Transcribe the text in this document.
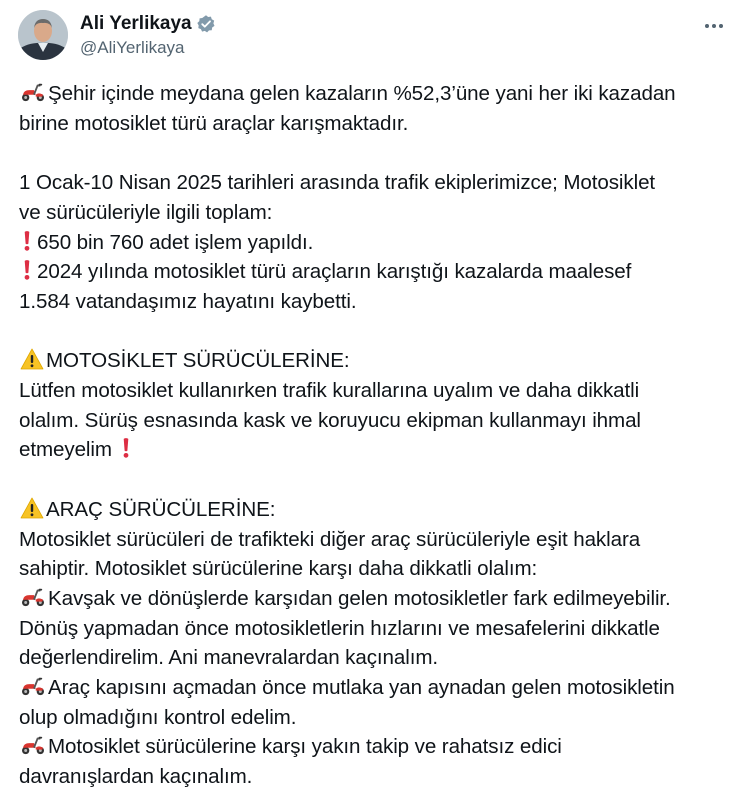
Ali Yerlikaya
@AliYerlikaya
Şehir içinde meydana gelen kazaların %52,3’üne yani her iki kazadan
birine motosiklet türü araçlar karışmaktadır.
1 Ocak-10 Nisan 2025 tarihleri arasında trafik ekiplerimizce; Motosiklet
ve sürücüleriyle ilgili toplam:
650 bin 760 adet işlem yapıldı.
2024 yılında motosiklet türü araçların karıştığı kazalarda maalesef
1.584 vatandaşımız hayatını kaybetti.
MOTOSİKLET SÜRÜCÜLERİNE:
Lütfen motosiklet kullanırken trafik kurallarına uyalım ve daha dikkatli
olalım. Sürüş esnasında kask ve koruyucu ekipman kullanmayı ihmal
etmeyelim
ARAÇ SÜRÜCÜLERİNE:
Motosiklet sürücüleri de trafikteki diğer araç sürücüleriyle eşit haklara
sahiptir. Motosiklet sürücülerine karşı daha dikkatli olalım:
Kavşak ve dönüşlerde karşıdan gelen motosikletler fark edilmeyebilir.
Dönüş yapmadan önce motosikletlerin hızlarını ve mesafelerini dikkatle
değerlendirelim. Ani manevralardan kaçınalım.
Araç kapısını açmadan önce mutlaka yan aynadan gelen motosikletin
olup olmadığını kontrol edelim.
Motosiklet sürücülerine karşı yakın takip ve rahatsız edici
davranışlardan kaçınalım.
